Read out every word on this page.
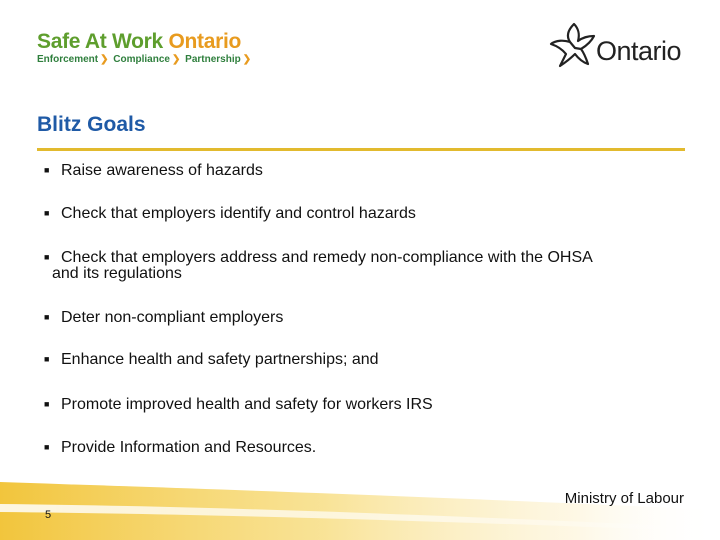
Safe At Work Ontario
Enforcement ❯ Compliance ❯ Partnership ❯	Ontario
Blitz Goals
■ Raise awareness of hazards
■ Check that employers identify and control hazards
■ Check that employers address and remedy non-compliance with the OHSA
and its regulations
■ Deter non-compliant employers
■ Enhance health and safety partnerships; and
■ Promote improved health and safety for workers IRS
■ Provide Information and Resources.
Ministry of Labour
5
